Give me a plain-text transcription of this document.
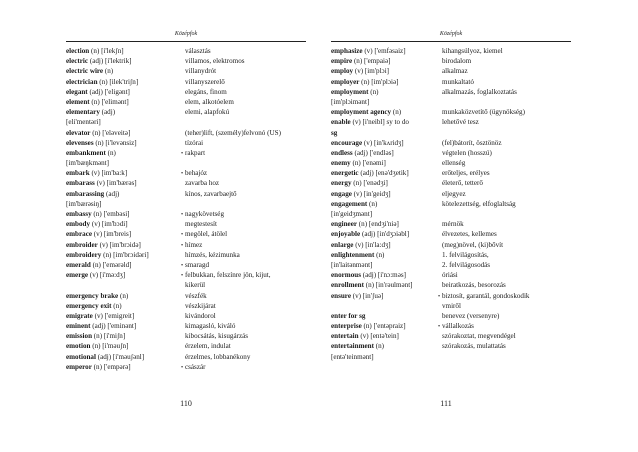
Középfok
election (n) [i'lekʃn]	választás
electric (adj) [i'lektrik]	villamos, elektromos
electric wire (n)	villanydrót
electrician (n) [ilek'triʃn]	villanyszerelő
elegant (adj) ['eligənt]	elegáns, finom
element (n) ['elimənt]	elem, alkotóelem
elementary (adj)	elemi, alapfokú
[eli'mentəri]
elevator (n) ['eləveitə]	(teher)lift, (személy)felvonó (US)
elevenses (n) [i'levənsiz]	tízórai
embankment (n)	• rakpart
[im'bæŋkmənt]
embark (v) [im'ba:k]	• behajóz
embarass (v) [im'bærəs]	zavarba hoz
embarassing (adj)	kínos, zavarbaejtő
[im'bærəsiŋ]
embassy (n) ['embəsi]	• nagykövetség
embody (v) [im'bɔdi]	megtestesít
embrace (v) [im'breis]	• megölel, átölel
embroider (v) [im'brɔidə]	• hímez
embroidery (n) [im'brɔidəri]	hímzés, kézimunka
emerald (n) ['emərəld]	• smaragd
emerge (v) [i'mə:dʒ]	• felbukkan, felszínre jön, kijut,
kikerül
emergency brake (n)	vészfék
emergency exit (n)	vészkijárat
emigrate (v) ['emigreit]	kivándorol
eminent (adj) ['eminənt]	kimagasló, kiváló
emission (n) [i'miʃn]	kibocsátás, kisugárzás
emotion (n) [i'məuʃn]	érzelem, indulat
emotional (adj) [i'məuʃənl]	érzelmes, lobbanékony
emperor (n) ['empərə]	• császár
110
Középfok
emphasize (v) ['emfəsaiz]	kihangsúlyoz, kiemel
empire (n) ['empaiə]	birodalom
employ (v) [im'plɔi]	alkalmaz
employer (n) [im'plɔiə]	munkaltató
employment (n)	alkalmazás, foglalkoztatás
[im'plɔimənt]
employment agency (n)	munkaközvetítő (ügynökség)
enable (v) [i'neibl] sy to do	lehetővé tesz
sg
encourage (v) [in'kʌridʒ]	(fel)bátorít, ösztönöz
endless (adj) ['endləs]	végtelen (hosszú)
enemy (n) ['enəmi]	ellenség
energetic (adj) [enə'dʒetik]	erőteljes, erélyes
energy (n) ['enədʒi]	életerő, tetterő
engage (v) [in'geidʒ]	eljegyez
engagement (n)	kötelezettség, elfoglaltság
[in'geidʒmənt]
engineer (n) [endʒi'niə]	mérnök
enjoyable (adj) [in'dʒɔiəbl]	élvezetes, kellemes
enlarge (v) [in'la:dʒ]	(meg)növel, (ki)bővít
enlightenment (n)	1. felvilágosítás,
[in'laitənmənt]	2. felvilágosodás
enormous (adj) [i'nɔ:məs]	óriási
enrollment (n) [in'rəulmənt]	beiratkozás, besorozás
ensure (v) [in'ʃuə]	• biztosít, garantál, gondoskodik
vmiről
enter for sg	benevez (versenyre)
enterprise (n) ['entəpraiz]	• vállalkozás
entertain (v) [entə'tein]	szórakoztat, megvendégel
entertainment (n)	szórakozás, mulattatás
[entə'teinmənt]
111
